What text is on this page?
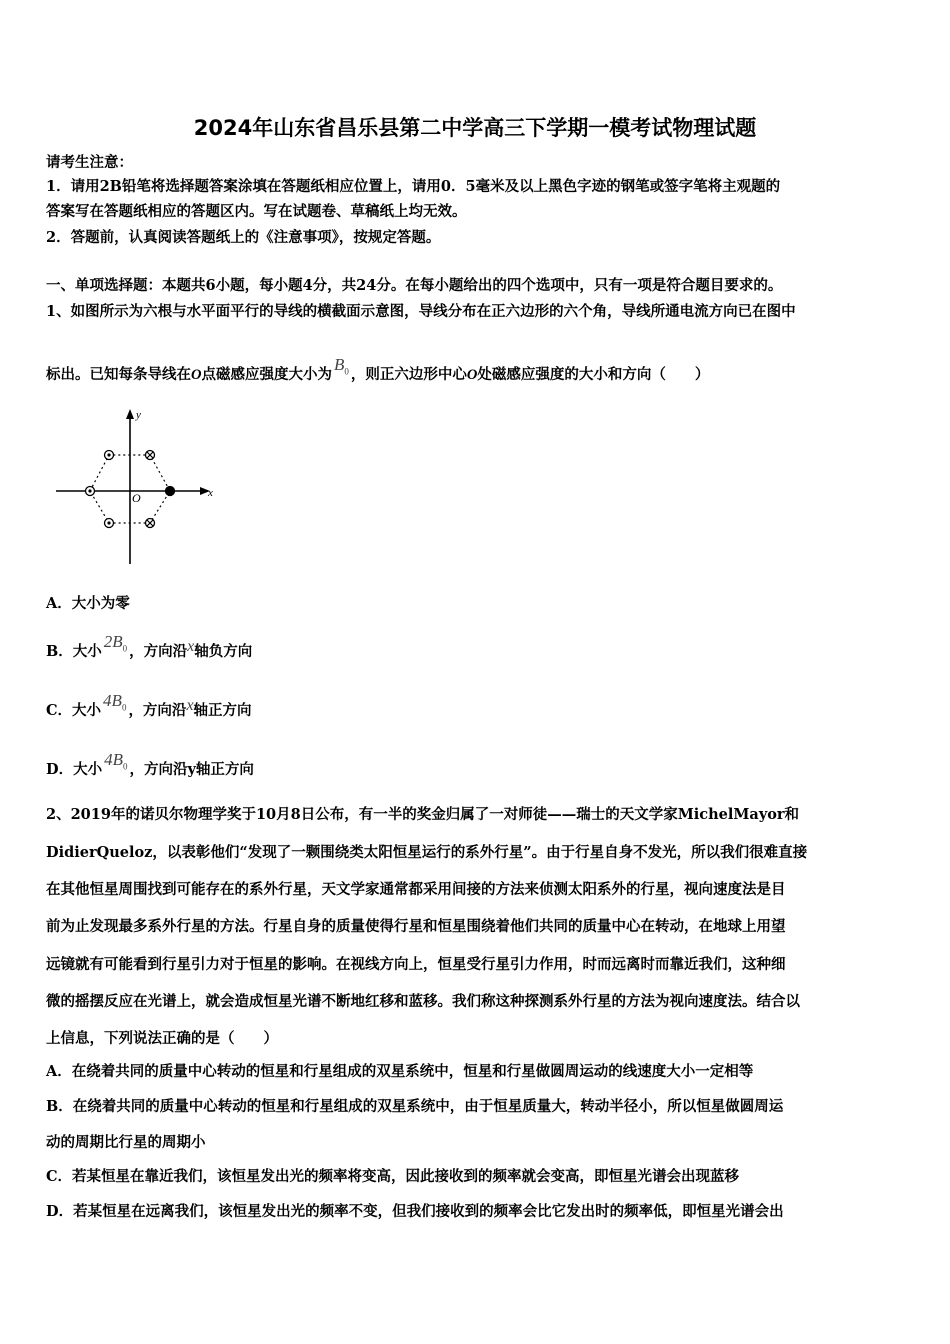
2024年山东省昌乐县第二中学高三下学期一模考试物理试题
请考生注意：
1．请用2B铅笔将选择题答案涂填在答题纸相应位置上，请用0．5毫米及以上黑色字迹的钢笔或签字笔将主观题的
答案写在答题纸相应的答题区内。写在试题卷、草稿纸上均无效。
2．答题前，认真阅读答题纸上的《注意事项》，按规定答题。
一、单项选择题：本题共6小题，每小题4分，共24分。在每小题给出的四个选项中，只有一项是符合题目要求的。
1、如图所示为六根与水平面平行的导线的横截面示意图，导线分布在正六边形的六个角，导线所通电流方向已在图中
标出。已知每条导线在O点磁感应强度大小为$B_0$ ，则正六边形中心O处磁感应强度的大小和方向（　　）
y
x
O
A．大小为零
B．大小$2B_0$ ，方向沿x轴负方向
C．大小$4B_0$ ，方向沿x轴正方向
D．大小$4B_0$ ，方向沿y轴正方向
2、2019年的诺贝尔物理学奖于10月8日公布，有一半的奖金归属了一对师徒——瑞士的天文学家MichelMayor和
DidierQueloz，以表彰他们“发现了一颗围绕类太阳恒星运行的系外行星”。由于行星自身不发光，所以我们很难直接
在其他恒星周围找到可能存在的系外行星，天文学家通常都采用间接的方法来侦测太阳系外的行星，视向速度法是目
前为止发现最多系外行星的方法。行星自身的质量使得行星和恒星围绕着他们共同的质量中心在转动，在地球上用望
远镜就有可能看到行星引力对于恒星的影响。在视线方向上，恒星受行星引力作用，时而远离时而靠近我们，这种细
微的摇摆反应在光谱上，就会造成恒星光谱不断地红移和蓝移。我们称这种探测系外行星的方法为视向速度法。结合以
上信息，下列说法正确的是（　　）
A．在绕着共同的质量中心转动的恒星和行星组成的双星系统中，恒星和行星做圆周运动的线速度大小一定相等
B．在绕着共同的质量中心转动的恒星和行星组成的双星系统中，由于恒星质量大，转动半径小，所以恒星做圆周运
动的周期比行星的周期小
C．若某恒星在靠近我们，该恒星发出光的频率将变高，因此接收到的频率就会变高，即恒星光谱会出现蓝移
D．若某恒星在远离我们，该恒星发出光的频率不变，但我们接收到的频率会比它发出时的频率低，即恒星光谱会出
